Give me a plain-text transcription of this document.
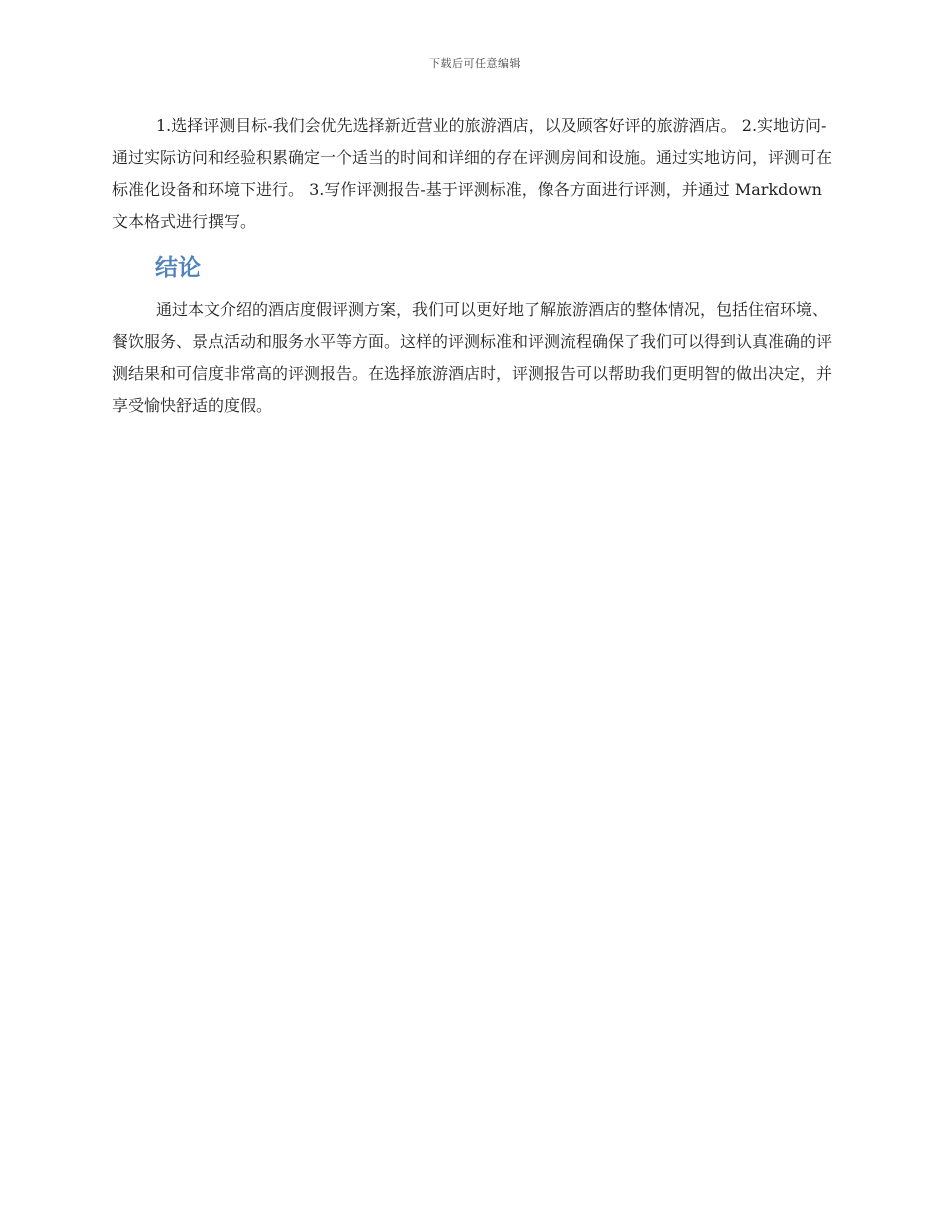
下载后可任意编辑

1.选择评测目标-我们会优先选择新近营业的旅游酒店，以及顾客好评的旅游酒店。 2.实地访问-通过实际访问和经验积累确定一个适当的时间和详细的存在评测房间和设施。通过实地访问，评测可在标准化设备和环境下进行。 3.写作评测报告-基于评测标准，像各方面进行评测，并通过 Markdown 文本格式进行撰写。

结论

通过本文介绍的酒店度假评测方案，我们可以更好地了解旅游酒店的整体情况，包括住宿环境、餐饮服务、景点活动和服务水平等方面。这样的评测标准和评测流程确保了我们可以得到认真准确的评测结果和可信度非常高的评测报告。在选择旅游酒店时，评测报告可以帮助我们更明智的做出决定，并享受愉快舒适的度假。
